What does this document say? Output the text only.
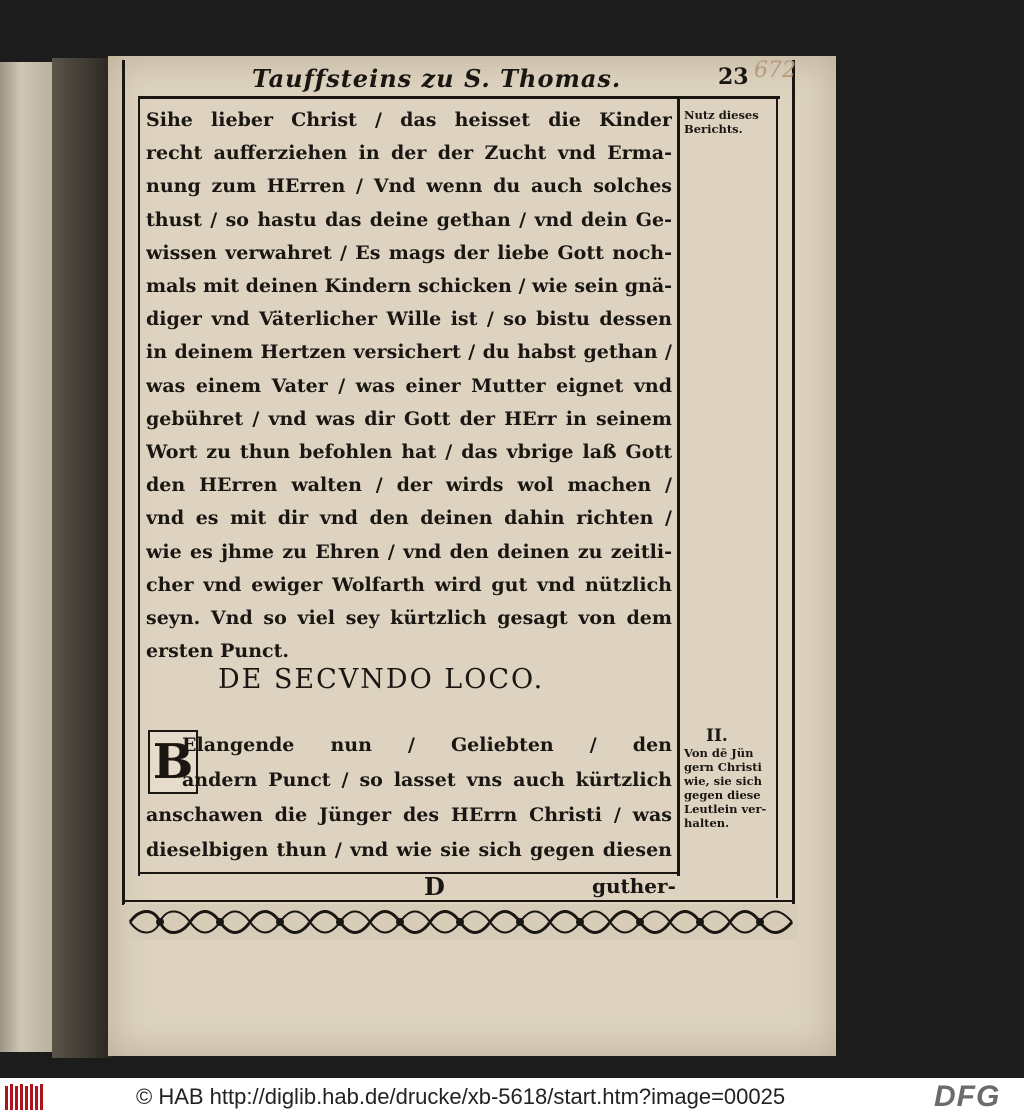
Tauffsteins zu S. Thomas.	23 672
Sihe lieber Christ / das heisset die Kinder
recht aufferziehen in der der Zucht vnd Erma-
nung zum HErren / Vnd wenn du auch solches
thust / so hastu das deine gethan / vnd dein Ge-
wissen verwahret / Es mags der liebe Gott noch-
mals mit deinen Kindern schicken / wie sein gnä-
diger vnd Väterlicher Wille ist / so bistu dessen
in deinem Hertzen versichert / du habst gethan /
was einem Vater / was einer Mutter eignet vnd
gebühret / vnd was dir Gott der HErr in seinem
Wort zu thun befohlen hat / das vbrige laß Gott
den HErren walten / der wirds wol machen /
vnd es mit dir vnd den deinen dahin richten /
wie es jhme zu Ehren / vnd den deinen zu zeitli-
cher vnd ewiger Wolfarth wird gut vnd nützlich
seyn. Vnd so viel sey kürtzlich gesagt von dem
ersten Punct.
DE SECVNDO LOCO.
B
Elangende nun / Geliebten / den
andern Punct / so lasset vns auch kürtzlich
anschawen die Jünger des HErrn Christi / was
dieselbigen thun / vnd wie sie sich gegen diesen
Nutz dieses
Berichts.
II.
Von dē Jün
gern Christi
wie, sie sich
gegen diese
Leutlein ver-
halten.
D	guther-
© HAB http://diglib.hab.de/drucke/xb-5618/start.htm?image=00025	DFG
